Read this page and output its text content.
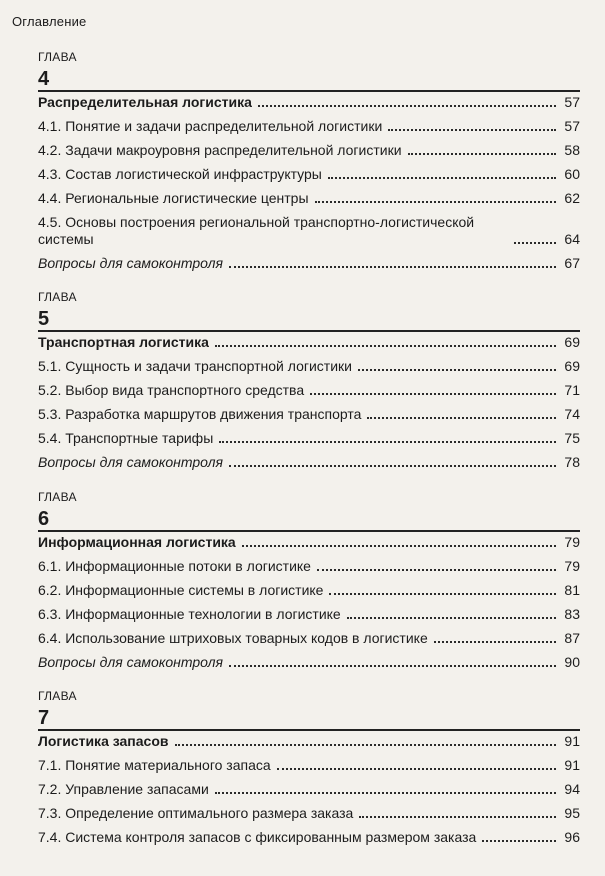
Оглавление
ГЛАВА
4
Распределительная логистика	57
4.1. Понятие и задачи распределительной логистики	57
4.2. Задачи макроуровня распределительной логистики	58
4.3. Состав логистической инфраструктуры	60
4.4. Региональные логистические центры	62
4.5. Основы построения региональной транспортно-логистической системы	64
Вопросы для самоконтроля	67
ГЛАВА
5
Транспортная логистика	69
5.1. Сущность и задачи транспортной логистики	69
5.2. Выбор вида транспортного средства	71
5.3. Разработка маршрутов движения транспорта	74
5.4. Транспортные тарифы	75
Вопросы для самоконтроля	78
ГЛАВА
6
Информационная логистика	79
6.1. Информационные потоки в логистике	79
6.2. Информационные системы в логистике	81
6.3. Информационные технологии в логистике	83
6.4. Использование штриховых товарных кодов в логистике	87
Вопросы для самоконтроля	90
ГЛАВА
7
Логистика запасов	91
7.1. Понятие материального запаса	91
7.2. Управление запасами	94
7.3. Определение оптимального размера заказа	95
7.4. Система контроля запасов с фиксированным размером заказа	96
